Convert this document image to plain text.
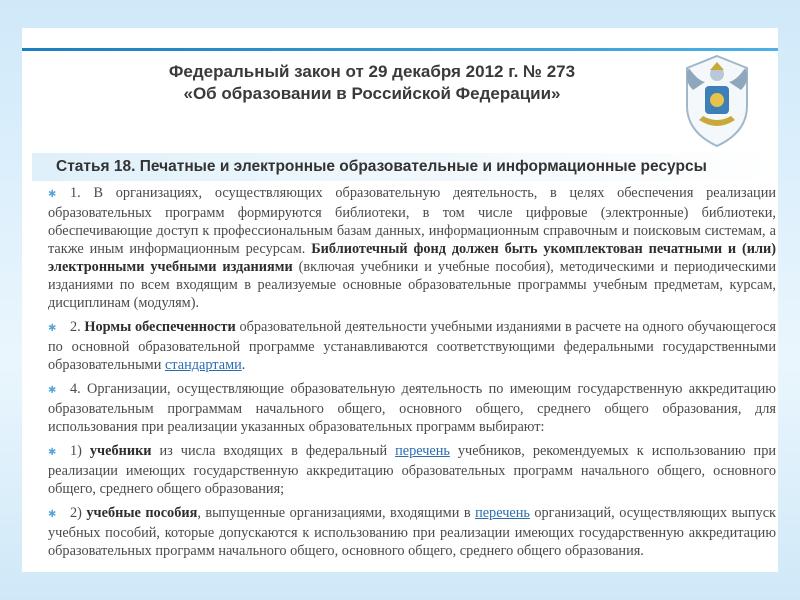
Федеральный закон от 29 декабря 2012 г. № 273
«Об образовании в Российской Федерации»
Статья 18. Печатные и электронные образовательные и информационные ресурсы

✱ 1. В организациях, осуществляющих образовательную деятельность, в целях обеспечения реализации образовательных программ формируются библиотеки, в том числе цифровые (электронные) библиотеки, обеспечивающие доступ к профессиональным базам данных, информационным справочным и поисковым системам, а также иным информационным ресурсам. Библиотечный фонд должен быть укомплектован печатными и (или) электронными учебными изданиями (включая учебники и учебные пособия), методическими и периодическими изданиями по всем входящим в реализуемые основные образовательные программы учебным предметам, курсам, дисциплинам (модулям).

✱ 2. Нормы обеспеченности образовательной деятельности учебными изданиями в расчете на одного обучающегося по основной образовательной программе устанавливаются соответствующими федеральными государственными образовательными стандартами.

✱ 4. Организации, осуществляющие образовательную деятельность по имеющим государственную аккредитацию образовательным программам начального общего, основного общего, среднего общего образования, для использования при реализации указанных образовательных программ выбирают:

✱ 1) учебники из числа входящих в федеральный перечень учебников, рекомендуемых к использованию при реализации имеющих государственную аккредитацию образовательных программ начального общего, основного общего, среднего общего образования;

✱ 2) учебные пособия, выпущенные организациями, входящими в перечень организаций, осуществляющих выпуск учебных пособий, которые допускаются к использованию при реализации имеющих государственную аккредитацию образовательных программ начального общего, основного общего, среднего общего образования.
